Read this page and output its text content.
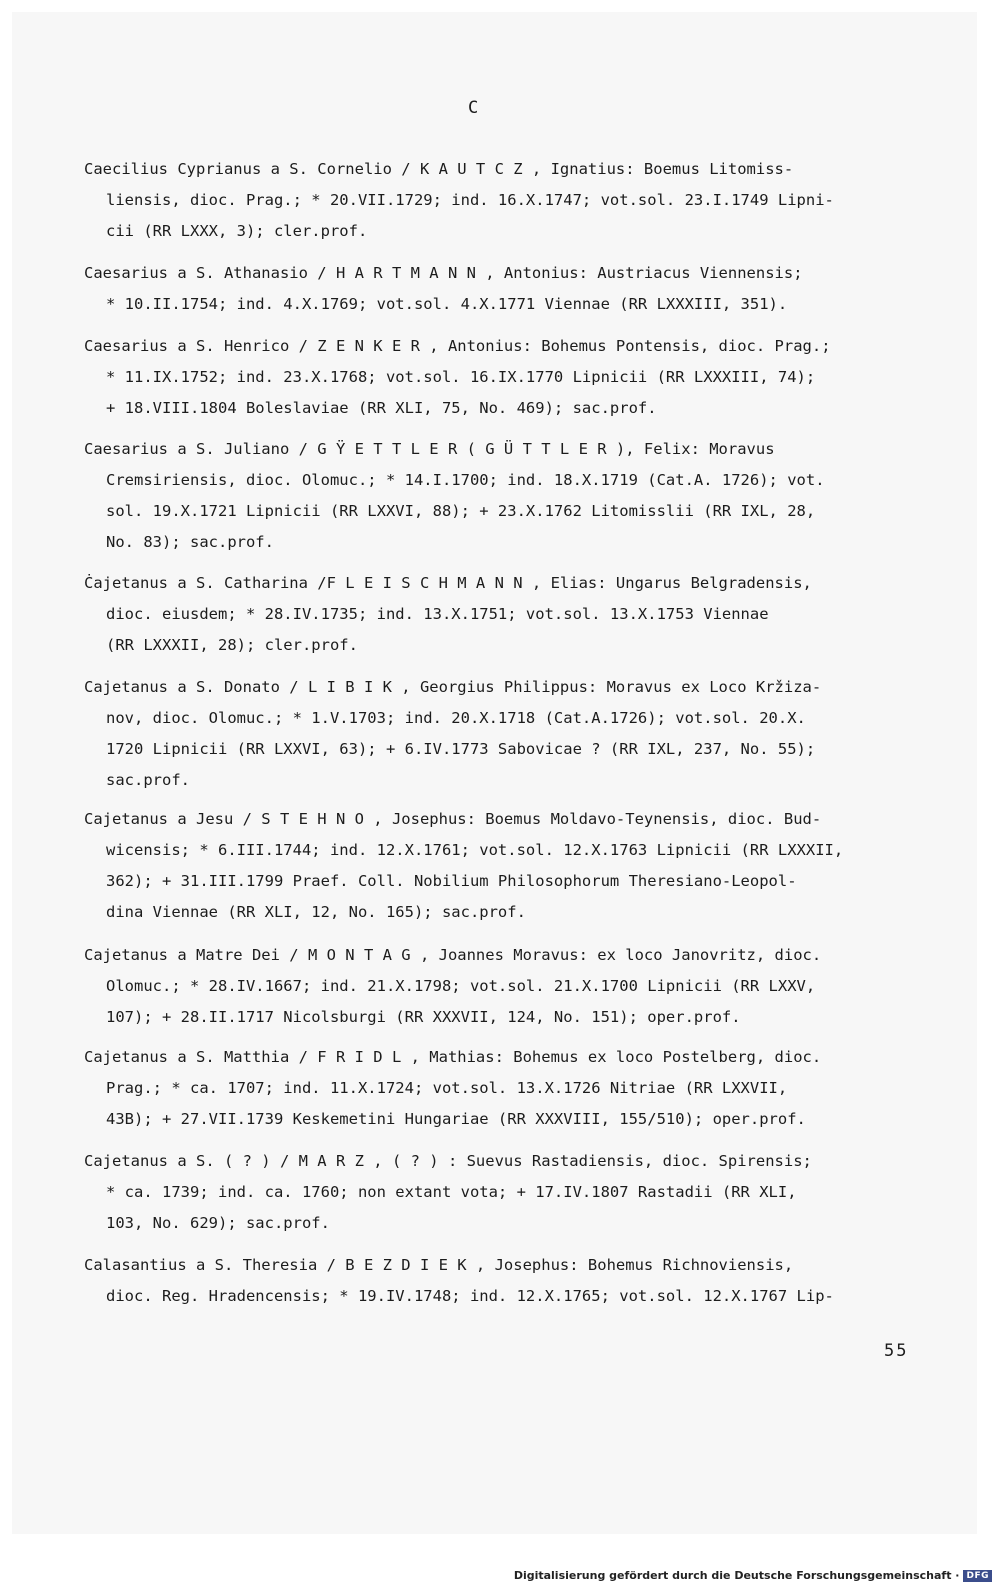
C

Caecilius Cyprianus a S. Cornelio / K A U T C Z , Ignatius: Boemus Litomiss-
liensis, dioc. Prag.; * 20.VII.1729; ind. 16.X.1747; vot.sol. 23.I.1749 Lipni-
cii (RR LXXX, 3); cler.prof.

Caesarius a S. Athanasio / H A R T M A N N , Antonius: Austriacus Viennensis;
* 10.II.1754; ind. 4.X.1769; vot.sol. 4.X.1771 Viennae (RR LXXXIII, 351).

Caesarius a S. Henrico / Z E N K E R , Antonius: Bohemus Pontensis, dioc. Prag.;
* 11.IX.1752; ind. 23.X.1768; vot.sol. 16.IX.1770 Lipnicii (RR LXXXIII, 74);
+ 18.VIII.1804 Boleslaviae (RR XLI, 75, No. 469); sac.prof.

Caesarius a S. Juliano / G Ÿ E T T L E R ( G Ü T T L E R ), Felix: Moravus
Cremsiriensis, dioc. Olomuc.; * 14.I.1700; ind. 18.X.1719 (Cat.A. 1726); vot.
sol. 19.X.1721 Lipnicii (RR LXXVI, 88); + 23.X.1762 Litomisslii (RR IXL, 28,
No. 83); sac.prof.

Ċajetanus a S. Catharina /F L E I S C H M A N N , Elias: Ungarus Belgradensis,
dioc. eiusdem; * 28.IV.1735; ind. 13.X.1751; vot.sol. 13.X.1753 Viennae
(RR LXXXII, 28); cler.prof.

Cajetanus a S. Donato / L I B I K , Georgius Philippus: Moravus ex Loco Kržiza-
nov, dioc. Olomuc.; * 1.V.1703; ind. 20.X.1718 (Cat.A.1726); vot.sol. 20.X.
1720 Lipnicii (RR LXXVI, 63); + 6.IV.1773 Sabovicae ? (RR IXL, 237, No. 55);
sac.prof.

Cajetanus a Jesu / S T E H N O , Josephus: Boemus Moldavo-Teynensis, dioc. Bud-
wicensis; * 6.III.1744; ind. 12.X.1761; vot.sol. 12.X.1763 Lipnicii (RR LXXXII,
362); + 31.III.1799 Praef. Coll. Nobilium Philosophorum Theresiano-Leopol-
dina Viennae (RR XLI, 12, No. 165); sac.prof.

Cajetanus a Matre Dei / M O N T A G , Joannes Moravus: ex loco Janovritz, dioc.
Olomuc.; * 28.IV.1667; ind. 21.X.1798; vot.sol. 21.X.1700 Lipnicii (RR LXXV,
107); + 28.II.1717 Nicolsburgi (RR XXXVII, 124, No. 151); oper.prof.

Cajetanus a S. Matthia / F R I D L , Mathias: Bohemus ex loco Postelberg, dioc.
Prag.; * ca. 1707; ind. 11.X.1724; vot.sol. 13.X.1726 Nitriae (RR LXXVII,
43B); + 27.VII.1739 Keskemetini Hungariae (RR XXXVIII, 155/510); oper.prof.

Cajetanus a S. ( ? ) / M A R Z , ( ? ) : Suevus Rastadiensis, dioc. Spirensis;
* ca. 1739; ind. ca. 1760; non extant vota; + 17.IV.1807 Rastadii (RR XLI,
103, No. 629); sac.prof.

Calasantius a S. Theresia / B E Z D I E K , Josephus: Bohemus Richnoviensis,
dioc. Reg. Hradencensis; * 19.IV.1748; ind. 12.X.1765; vot.sol. 12.X.1767 Lip-

55
Digitalisierung gefördert durch die Deutsche Forschungsgemeinschaft · DFG
